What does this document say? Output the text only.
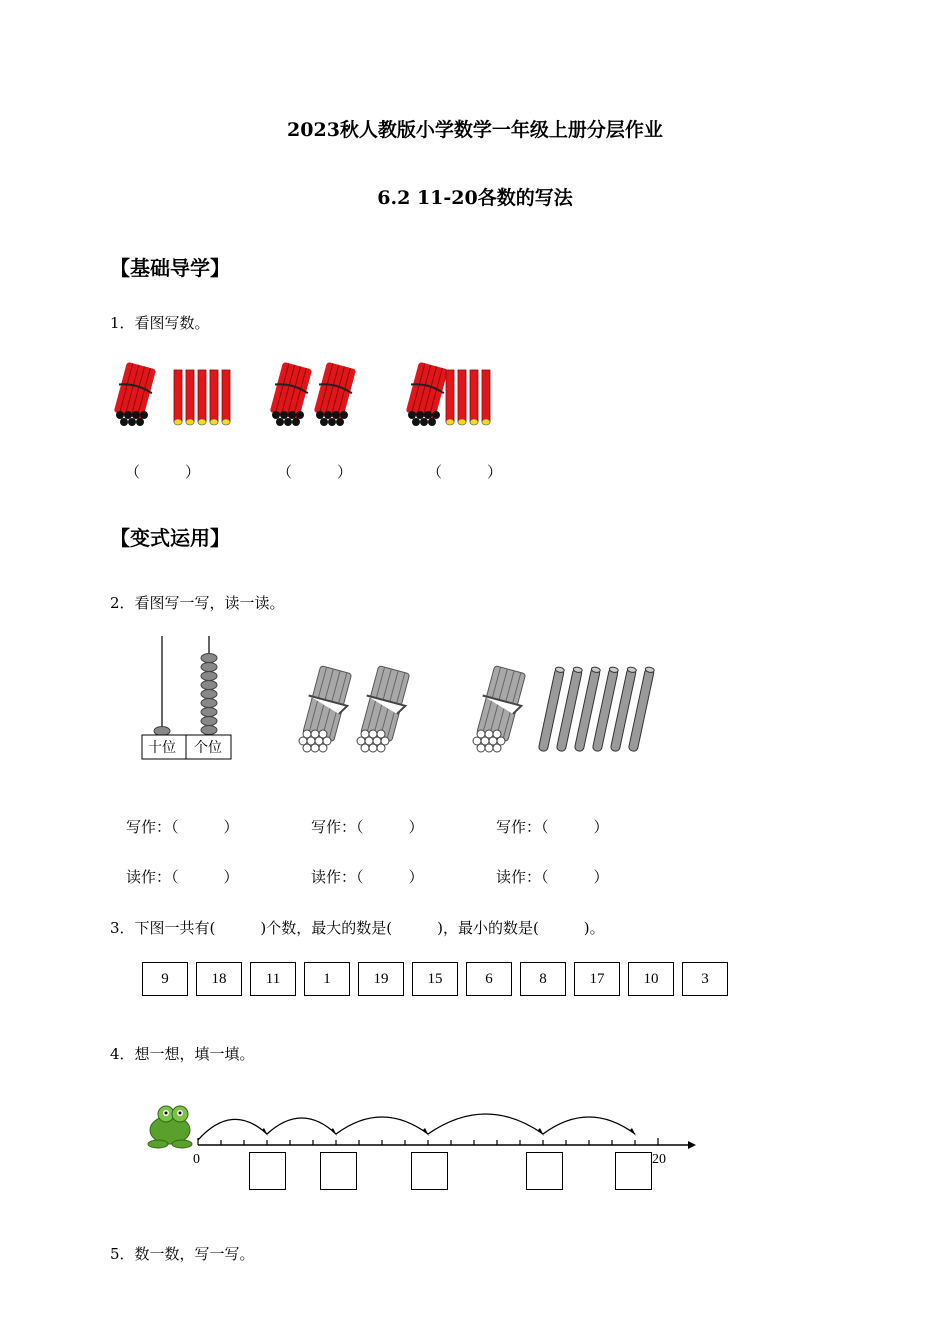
2023秋人教版小学数学一年级上册分层作业
6.2 11-20各数的写法
【基础导学】
1．看图写数。
（　　　）	（　　　）	（　　　）
【变式运用】
2．看图写一写，读一读。
十位 个位
写作：（　　　）	写作：（　　　）	写作：（　　　）
读作：（　　　）	读作：（　　　）	读作：（　　　）
3．下图一共有(　　　)个数，最大的数是(　　　)，最小的数是(　　　)。
9	18	11	1	19	15	6	8	17	10	3
4．想一想，填一填。
0	20
5．数一数，写一写。
